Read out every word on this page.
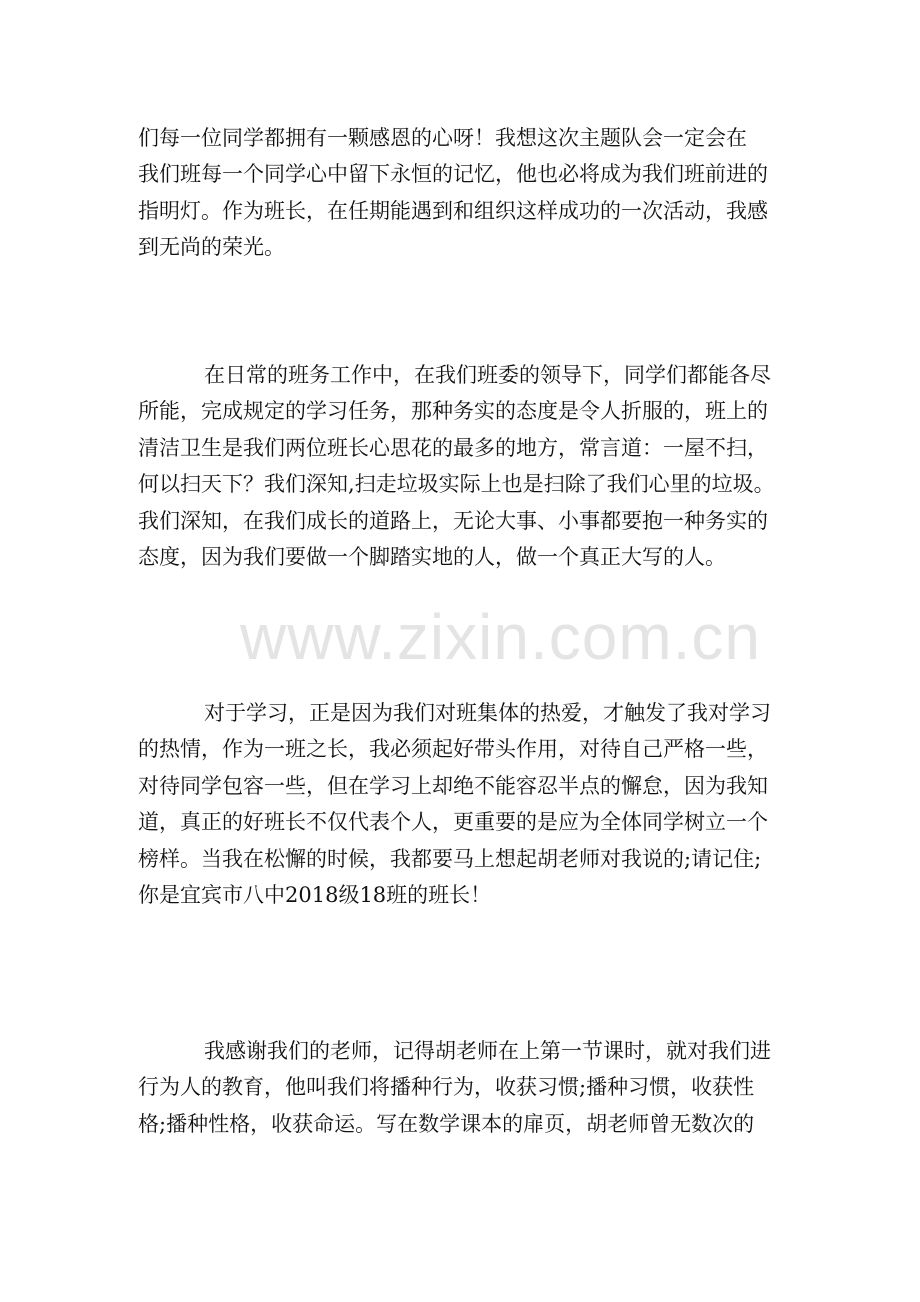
www.zixin.com.cn
们每一位同学都拥有一颗感恩的心呀！我想这次主题队会一定会在
我们班每一个同学心中留下永恒的记忆，他也必将成为我们班前进的
指明灯。作为班长，在任期能遇到和组织这样成功的一次活动，我感
到无尚的荣光。
在日常的班务工作中，在我们班委的领导下，同学们都能各尽
所能，完成规定的学习任务，那种务实的态度是令人折服的，班上的
清洁卫生是我们两位班长心思花的最多的地方，常言道：一屋不扫，
何以扫天下？我们深知,扫走垃圾实际上也是扫除了我们心里的垃圾。
我们深知，在我们成长的道路上，无论大事、小事都要抱一种务实的
态度，因为我们要做一个脚踏实地的人，做一个真正大写的人。
对于学习，正是因为我们对班集体的热爱，才触发了我对学习
的热情，作为一班之长，我必须起好带头作用，对待自己严格一些，
对待同学包容一些，但在学习上却绝不能容忍半点的懈怠，因为我知
道，真正的好班长不仅代表个人，更重要的是应为全体同学树立一个
榜样。当我在松懈的时候，我都要马上想起胡老师对我说的;请记住;
你是宜宾市八中2018级18班的班长！
我感谢我们的老师，记得胡老师在上第一节课时，就对我们进
行为人的教育，他叫我们将播种行为，收获习惯;播种习惯，收获性
格;播种性格，收获命运。写在数学课本的扉页，胡老师曾无数次的
